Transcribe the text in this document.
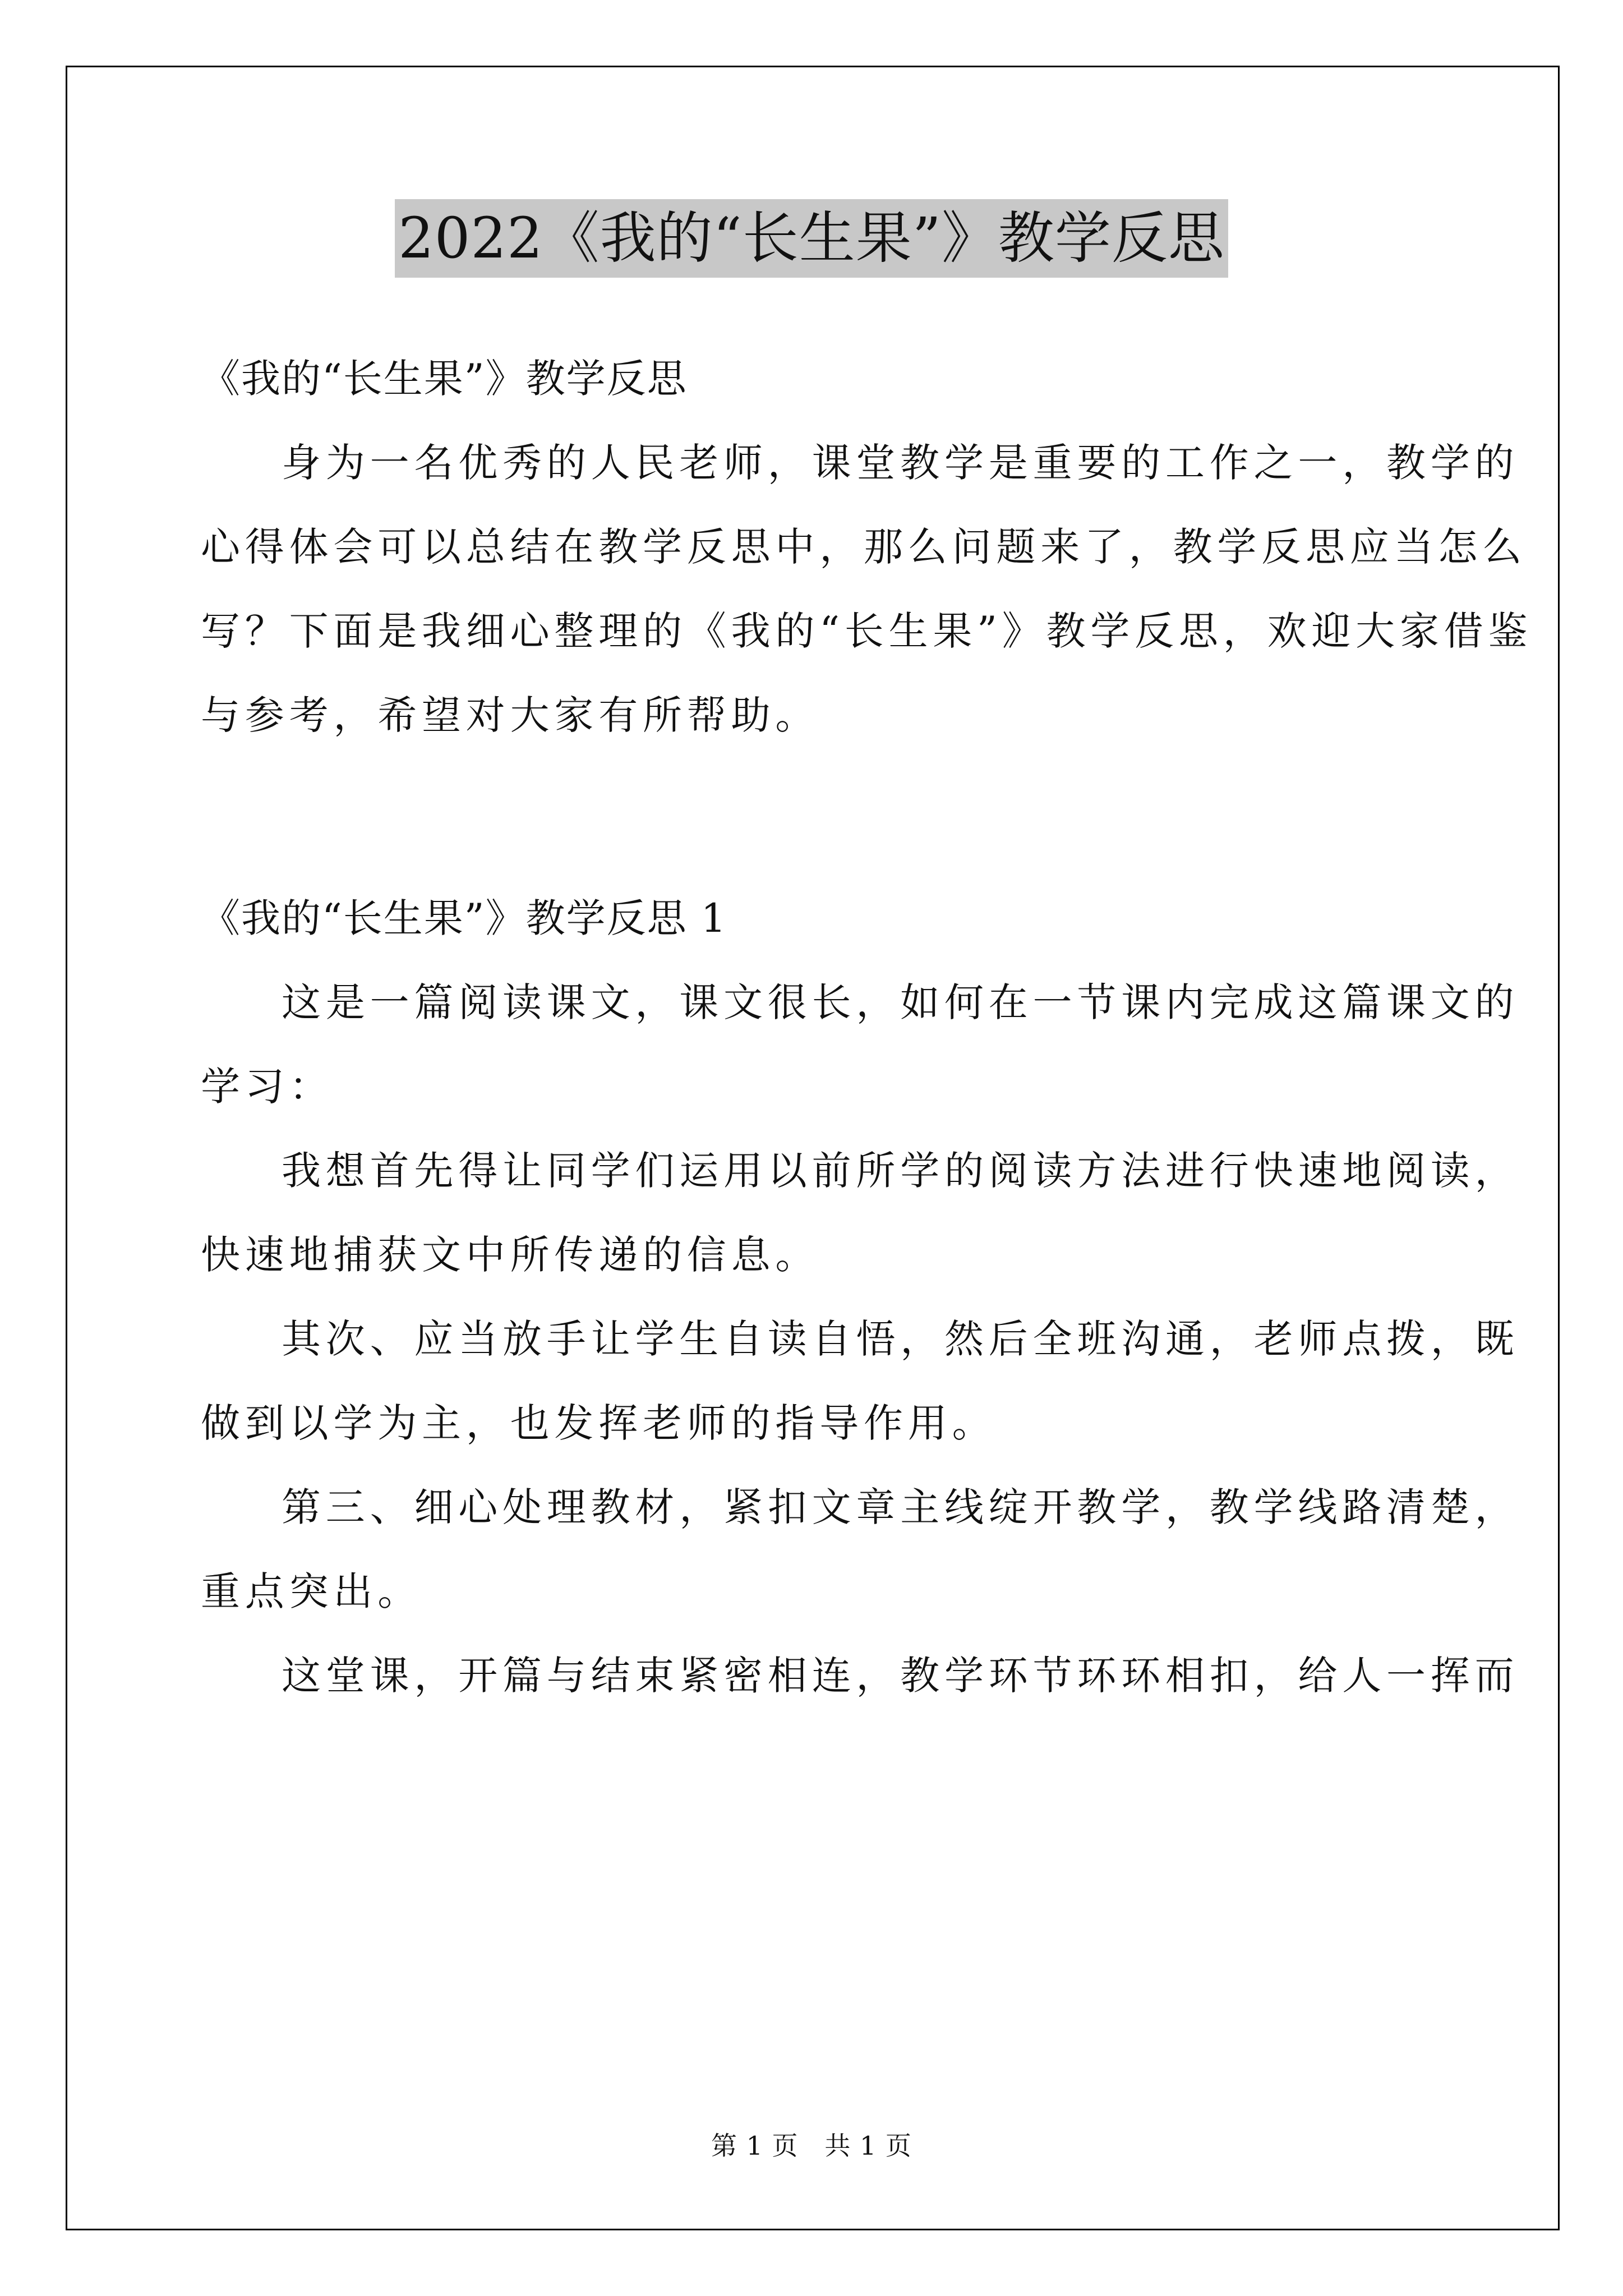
2022《我的“长生果”》教学反思
《我的“长生果”》教学反思
身为一名优秀的人民老师，课堂教学是重要的工作之一，教学的
心得体会可以总结在教学反思中，那么问题来了，教学反思应当怎么
写？下面是我细心整理的《我的“长生果”》教学反思，欢迎大家借鉴
与参考，希望对大家有所帮助。
《我的“长生果”》教学反思 1
这是一篇阅读课文，课文很长，如何在一节课内完成这篇课文的
学习：
我想首先得让同学们运用以前所学的阅读方法进行快速地阅读，
快速地捕获文中所传递的信息。
其次、应当放手让学生自读自悟，然后全班沟通，老师点拨，既
做到以学为主，也发挥老师的指导作用。
第三、细心处理教材，紧扣文章主线绽开教学，教学线路清楚，
重点突出。
这堂课，开篇与结束紧密相连，教学环节环环相扣，给人一挥而
第 1 页   共 1 页
